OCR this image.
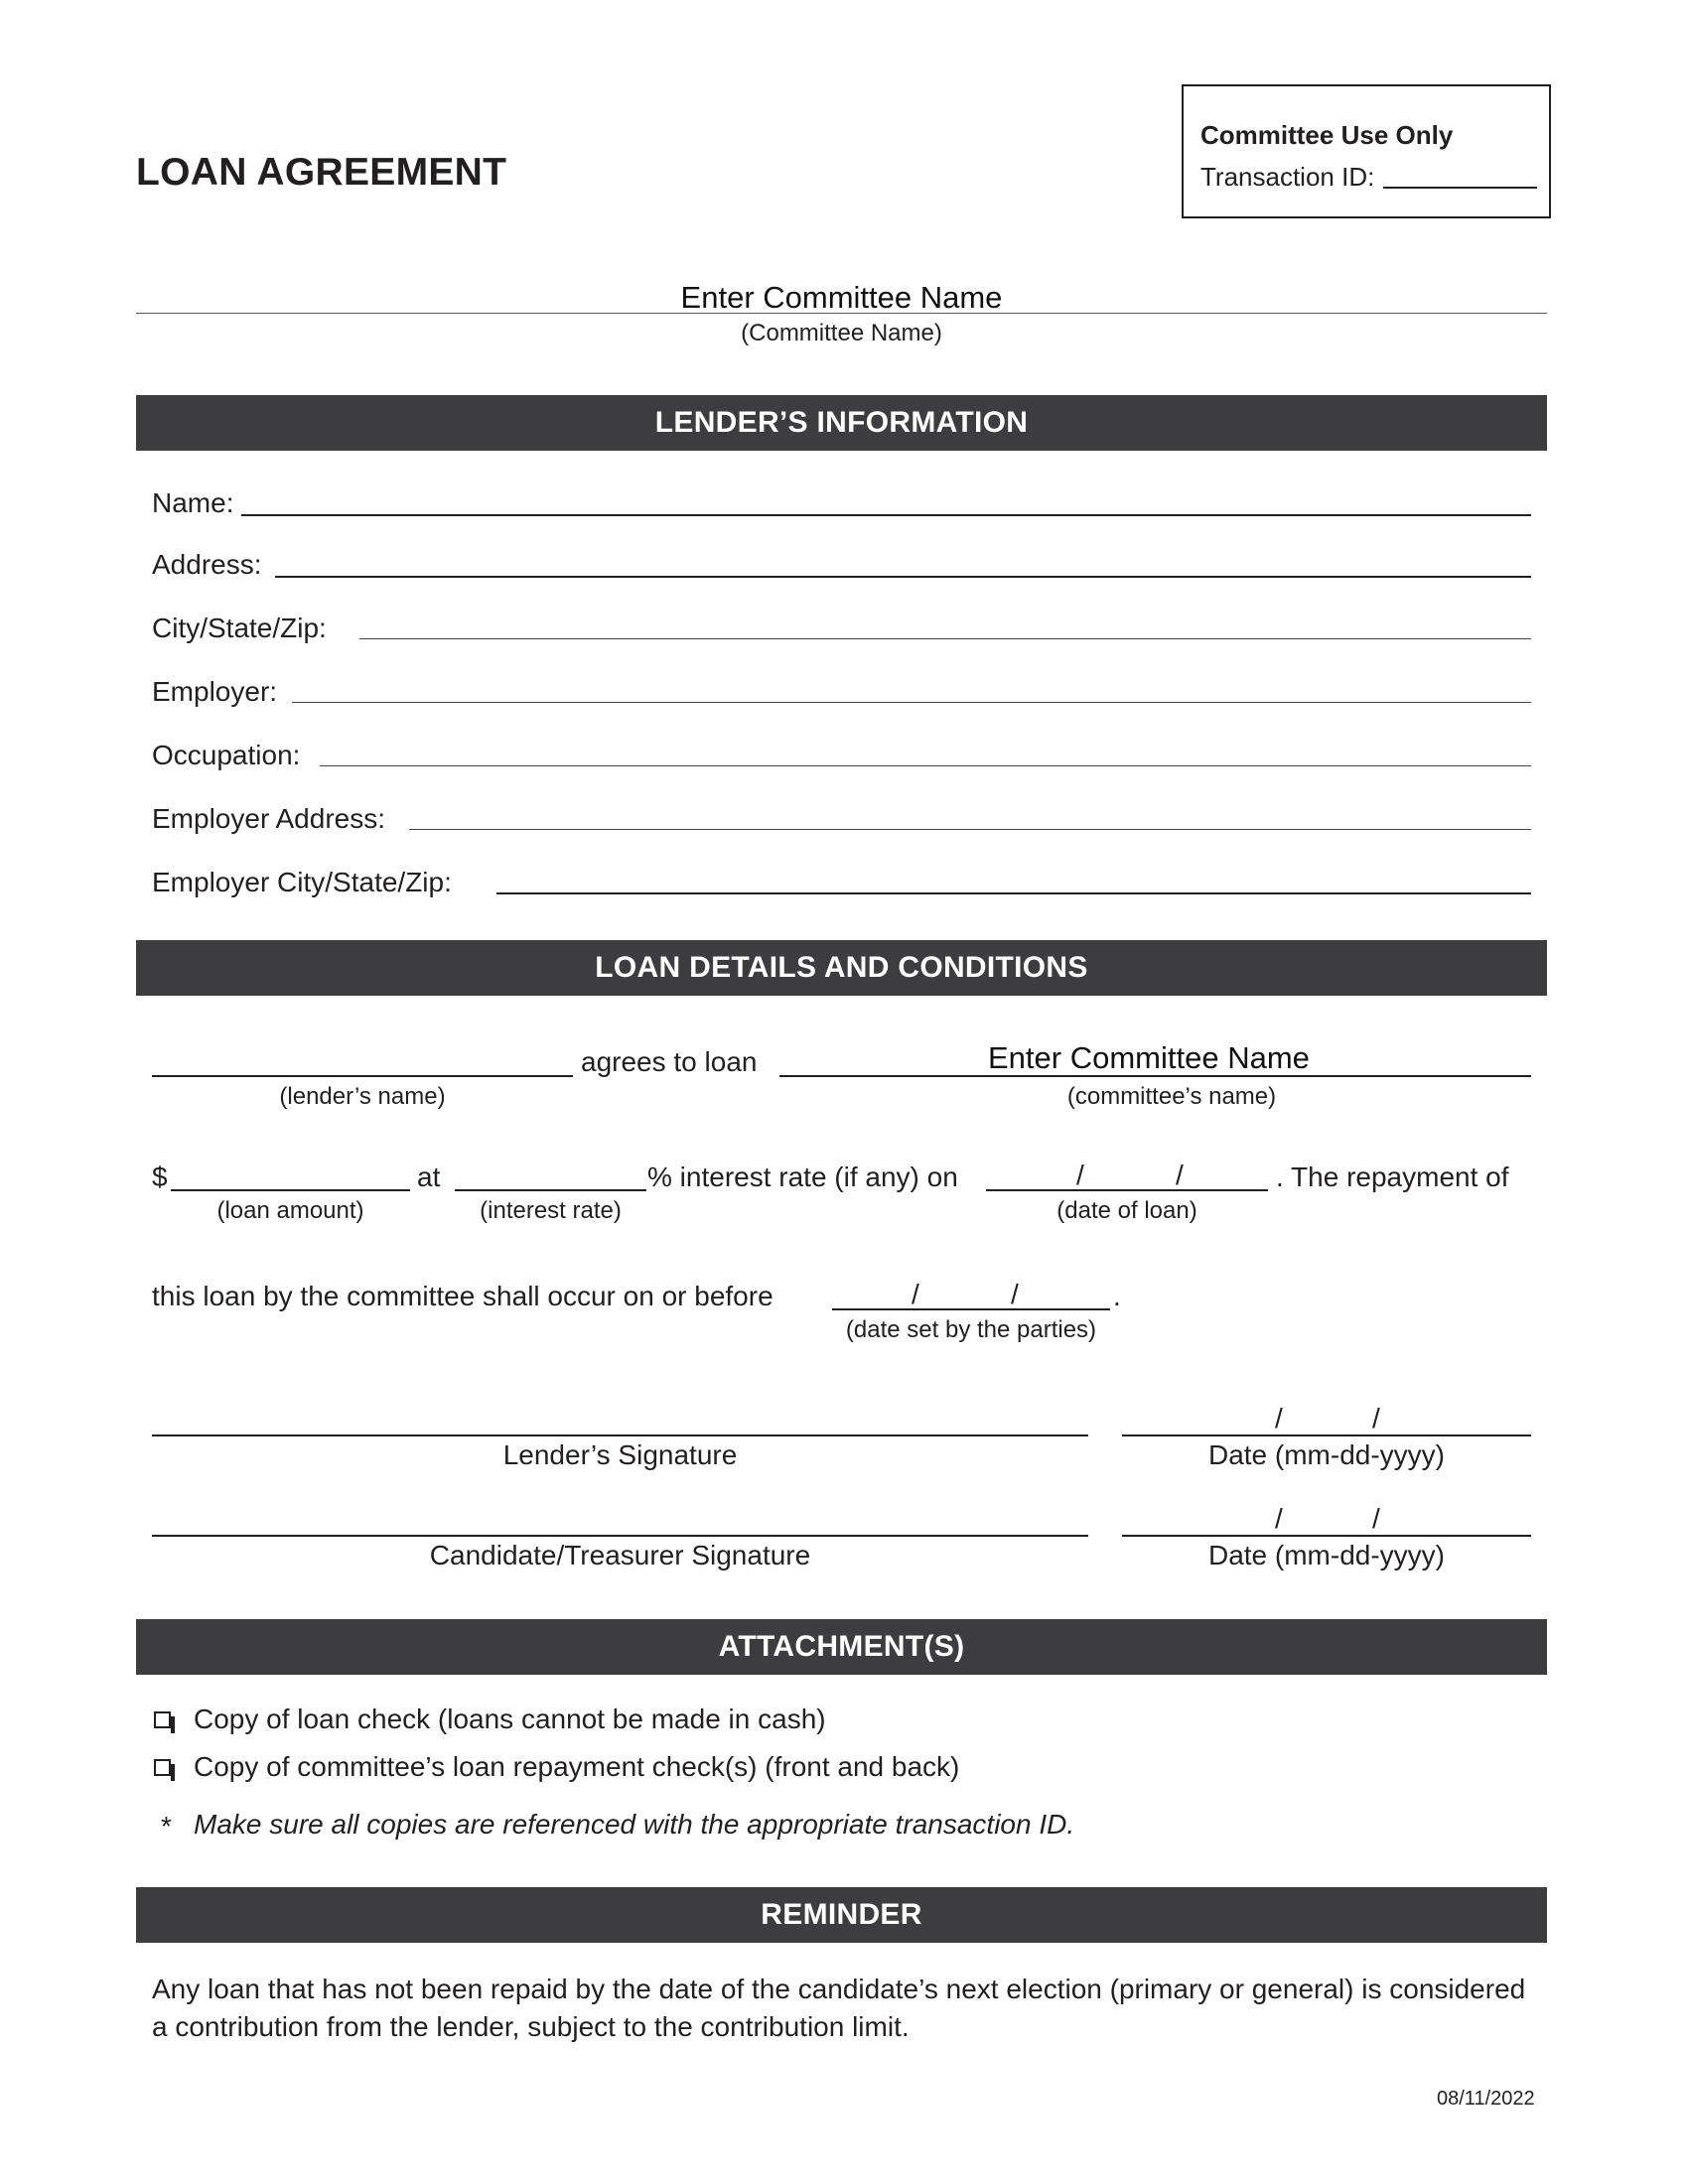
LOAN AGREEMENT
Committee Use Only
Transaction ID:
Enter Committee Name
(Committee Name)
LENDER’S INFORMATION
Name:
Address:
City/State/Zip:
Employer:
Occupation:
Employer Address:
Employer City/State/Zip:
LOAN DETAILS AND CONDITIONS
agrees to loan	Enter Committee Name
(lender’s name)	(committee’s name)
$	at	% interest rate (if any) on	/	/	. The repayment of
(loan amount)	(interest rate)	(date of loan)
this loan by the committee shall occur on or before	/	/	.
(date set by the parties)
Lender’s Signature
/	/
Date (mm-dd-yyyy)
Candidate/Treasurer Signature
/	/
Date (mm-dd-yyyy)
ATTACHMENT(S)
Copy of loan check (loans cannot be made in cash)
Copy of committee’s loan repayment check(s) (front and back)
* Make sure all copies are referenced with the appropriate transaction ID.
REMINDER
Any loan that has not been repaid by the date of the candidate’s next election (primary or general) is considered a contribution from the lender, subject to the contribution limit.
08/11/2022
